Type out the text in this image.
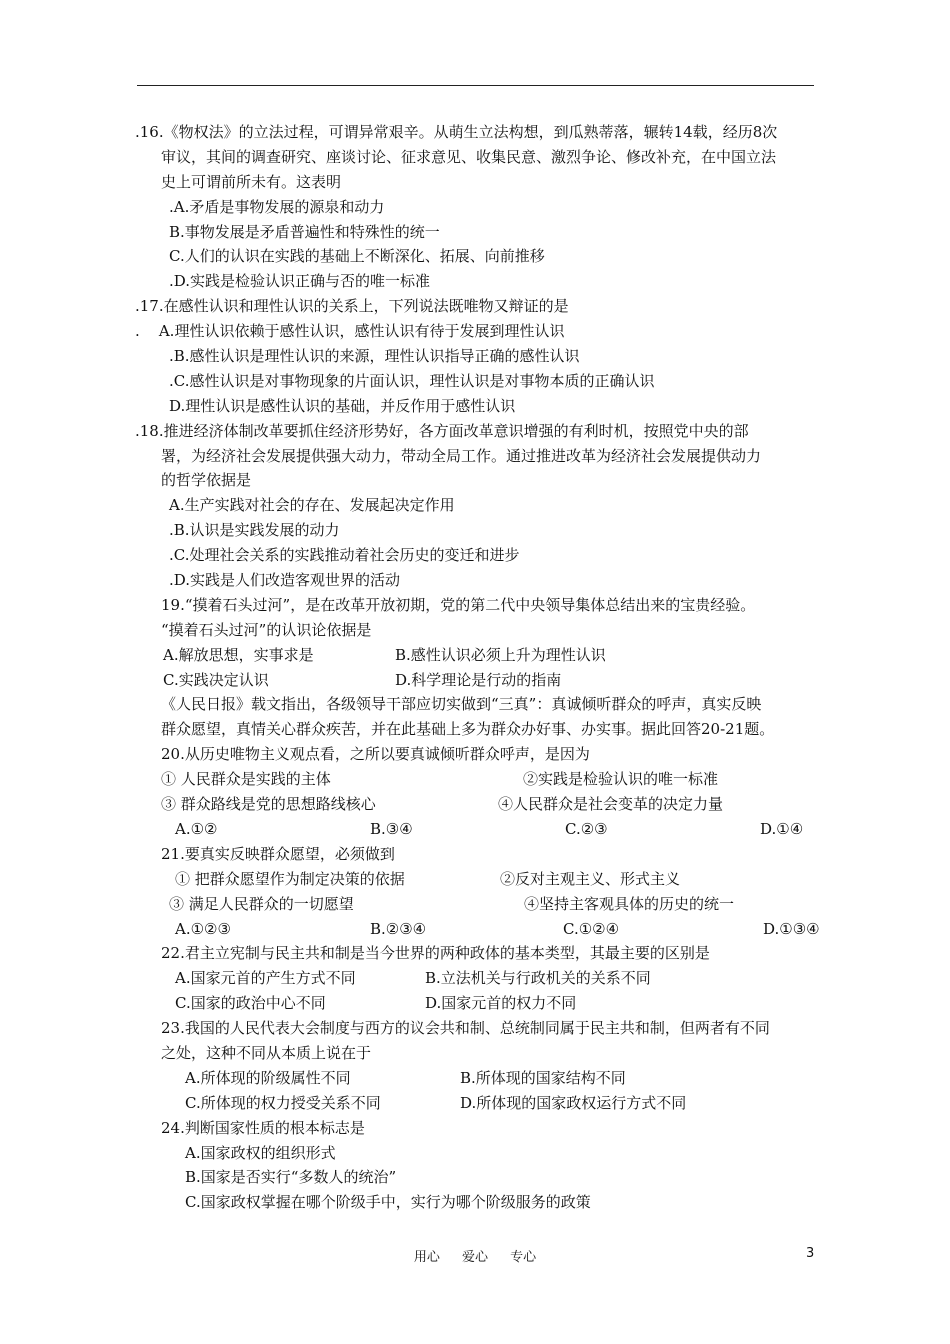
.16.《物权法》的立法过程，可谓异常艰辛。从萌生立法构想，到瓜熟蒂落，辗转14载，经历8次
审议，其间的调查研究、座谈讨论、征求意见、收集民意、激烈争论、修改补充，在中国立法
史上可谓前所未有。这表明
.A.矛盾是事物发展的源泉和动力
B.事物发展是矛盾普遍性和特殊性的统一
C.人们的认识在实践的基础上不断深化、拓展、向前推移
.D.实践是检验认识正确与否的唯一标准
.17.在感性认识和理性认识的关系上，下列说法既唯物又辩证的是
.    A.理性认识依赖于感性认识，感性认识有待于发展到理性认识
.B.感性认识是理性认识的来源，理性认识指导正确的感性认识
.C.感性认识是对事物现象的片面认识，理性认识是对事物本质的正确认识
D.理性认识是感性认识的基础，并反作用于感性认识
.18.推进经济体制改革要抓住经济形势好，各方面改革意识增强的有利时机，按照党中央的部
署，为经济社会发展提供强大动力，带动全局工作。通过推进改革为经济社会发展提供动力
的哲学依据是
A.生产实践对社会的存在、发展起决定作用
.B.认识是实践发展的动力
.C.处理社会关系的实践推动着社会历史的变迁和进步
.D.实践是人们改造客观世界的活动
19.“摸着石头过河”，是在改革开放初期，党的第二代中央领导集体总结出来的宝贵经验。
“摸着石头过河”的认识论依据是
A.解放思想，实事求是	B.感性认识必须上升为理性认识
C.实践决定认识	D.科学理论是行动的指南
《人民日报》载文指出，各级领导干部应切实做到“三真”：真诚倾听群众的呼声，真实反映
群众愿望，真情关心群众疾苦，并在此基础上多为群众办好事、办实事。据此回答20-21题。
20.从历史唯物主义观点看，之所以要真诚倾听群众呼声，是因为
① 人民群众是实践的主体	②实践是检验认识的唯一标准
③ 群众路线是党的思想路线核心	④人民群众是社会变革的决定力量
A.①②	B.③④	C.②③	D.①④
21.要真实反映群众愿望，必须做到
① 把群众愿望作为制定决策的依据	②反对主观主义、形式主义
③ 满足人民群众的一切愿望	④坚持主客观具体的历史的统一
A.①②③	B.②③④	C.①②④	D.①③④
22.君主立宪制与民主共和制是当今世界的两种政体的基本类型，其最主要的区别是
A.国家元首的产生方式不同	B.立法机关与行政机关的关系不同
C.国家的政治中心不同	D.国家元首的权力不同
23.我国的人民代表大会制度与西方的议会共和制、总统制同属于民主共和制，但两者有不同
之处，这种不同从本质上说在于
A.所体现的阶级属性不同	B.所体现的国家结构不同
C.所体现的权力授受关系不同	D.所体现的国家政权运行方式不同
24.判断国家性质的根本标志是
A.国家政权的组织形式
B.国家是否实行“多数人的统治”
C.国家政权掌握在哪个阶级手中，实行为哪个阶级服务的政策
用心 爱心 专心	3
